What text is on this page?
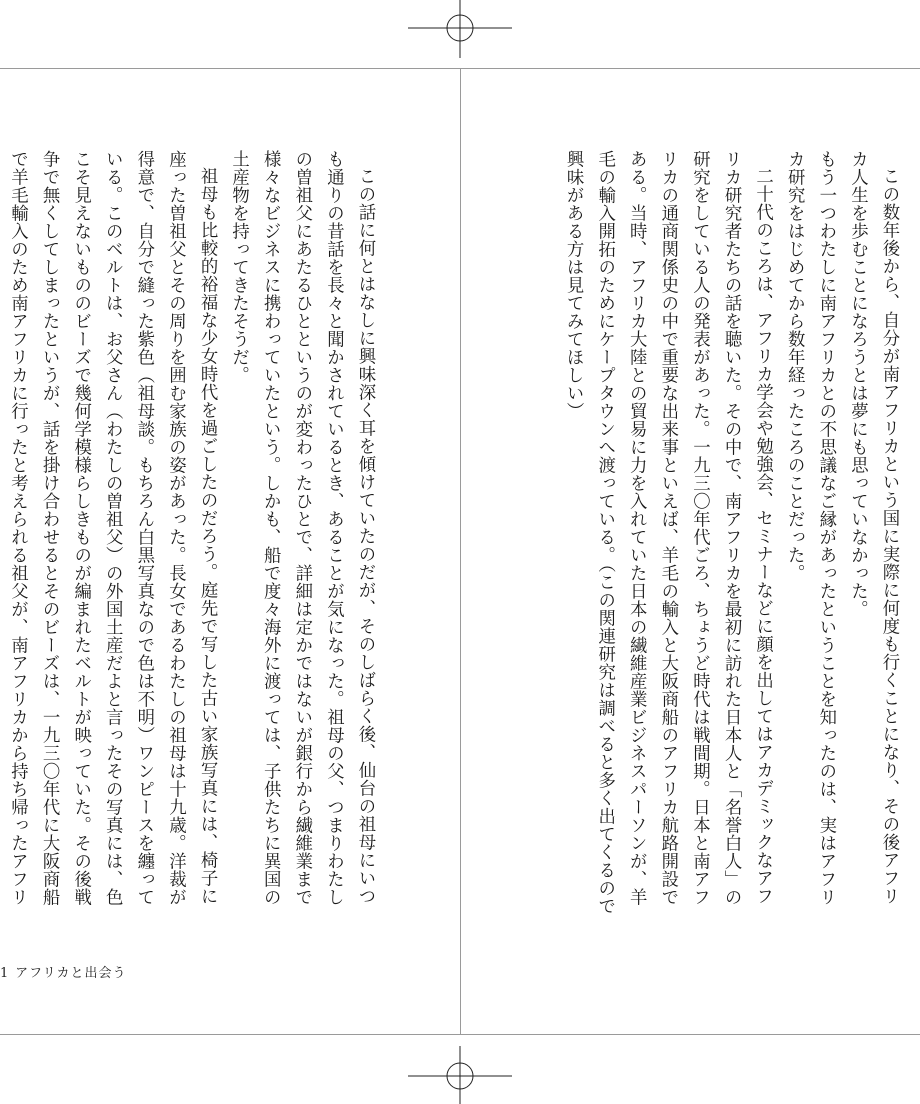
この数年後から、自分が南アフリカという国に実際に何度も行くことになり、その後アフリカ人生を歩むことになろうとは夢にも思っていなかった。

もう一つわたしに南アフリカとの不思議なご縁があったということを知ったのは、実はアフリカ研究をはじめてから数年経ったころのことだった。

二十代のころは、アフリカ学会や勉強会、セミナーなどに顔を出してはアカデミックなアフリカ研究者たちの話を聴いた。その中で、南アフリカを最初に訪れた日本人と「名誉白人」の研究をしている人の発表があった。一九三〇年代ごろ、ちょうど時代は戦間期。日本と南アフリカの通商関係史の中で重要な出来事といえば、羊毛の輸入と大阪商船のアフリカ航路開設である。当時、アフリカ大陸との貿易に力を入れていた日本の繊維産業ビジネスパーソンが、羊毛の輸入開拓のためにケープタウンへ渡っている。（この関連研究は調べると多く出てくるので興味がある方は見てみてほしい）

この話に何とはなしに興味深く耳を傾けていたのだが、そのしばらく後、仙台の祖母にいつも通りの昔話を長々と聞かされているとき、あることが気になった。祖母の父、つまりわたしの曽祖父にあたるひとというのが変わったひとで、詳細は定かではないが銀行から繊維業まで様々なビジネスに携わっていたという。しかも、船で度々海外に渡っては、子供たちに異国の土産物を持ってきたそうだ。

祖母も比較的裕福な少女時代を過ごしたのだろう。庭先で写した古い家族写真には、椅子に座った曽祖父とその周りを囲む家族の姿があった。長女であるわたしの祖母は十九歳。洋裁が得意で、自分で縫った紫色（祖母談。もちろん白黒写真なので色は不明）ワンピースを纏っている。このベルトは、お父さん（わたしの曽祖父）の外国土産だよと言ったその写真には、色こそ見えないもののビーズで幾何学模様らしきものが編まれたベルトが映っていた。その後戦争で無くしてしまったというが、話を掛け合わせるとそのビーズは、一九三〇年代に大阪商船で羊毛輸入のため南アフリカに行ったと考えられる祖父が、南アフリカから持ち帰ったアフリ

1 アフリカと出会う
